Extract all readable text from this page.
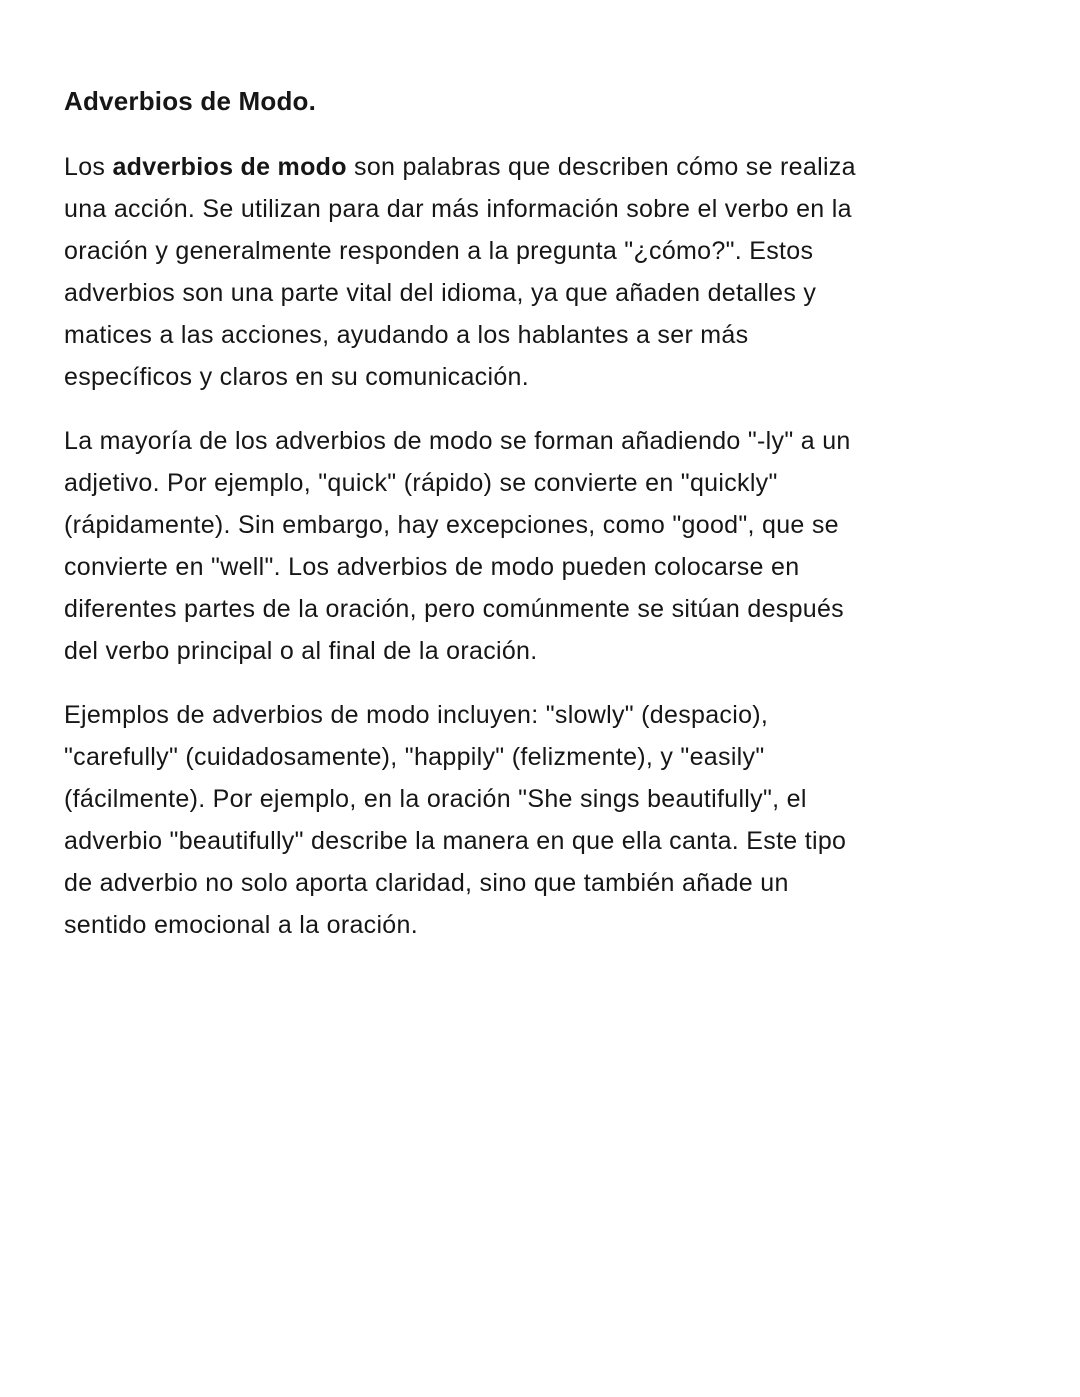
Adverbios de Modo.

Los adverbios de modo son palabras que describen cómo se realiza
una acción. Se utilizan para dar más información sobre el verbo en la
oración y generalmente responden a la pregunta "¿cómo?". Estos
adverbios son una parte vital del idioma, ya que añaden detalles y
matices a las acciones, ayudando a los hablantes a ser más
específicos y claros en su comunicación.

La mayoría de los adverbios de modo se forman añadiendo "-ly" a un
adjetivo. Por ejemplo, "quick" (rápido) se convierte en "quickly"
(rápidamente). Sin embargo, hay excepciones, como "good", que se
convierte en "well". Los adverbios de modo pueden colocarse en
diferentes partes de la oración, pero comúnmente se sitúan después
del verbo principal o al final de la oración.

Ejemplos de adverbios de modo incluyen: "slowly" (despacio),
"carefully" (cuidadosamente), "happily" (felizmente), y "easily"
(fácilmente). Por ejemplo, en la oración "She sings beautifully", el
adverbio "beautifully" describe la manera en que ella canta. Este tipo
de adverbio no solo aporta claridad, sino que también añade un
sentido emocional a la oración.
